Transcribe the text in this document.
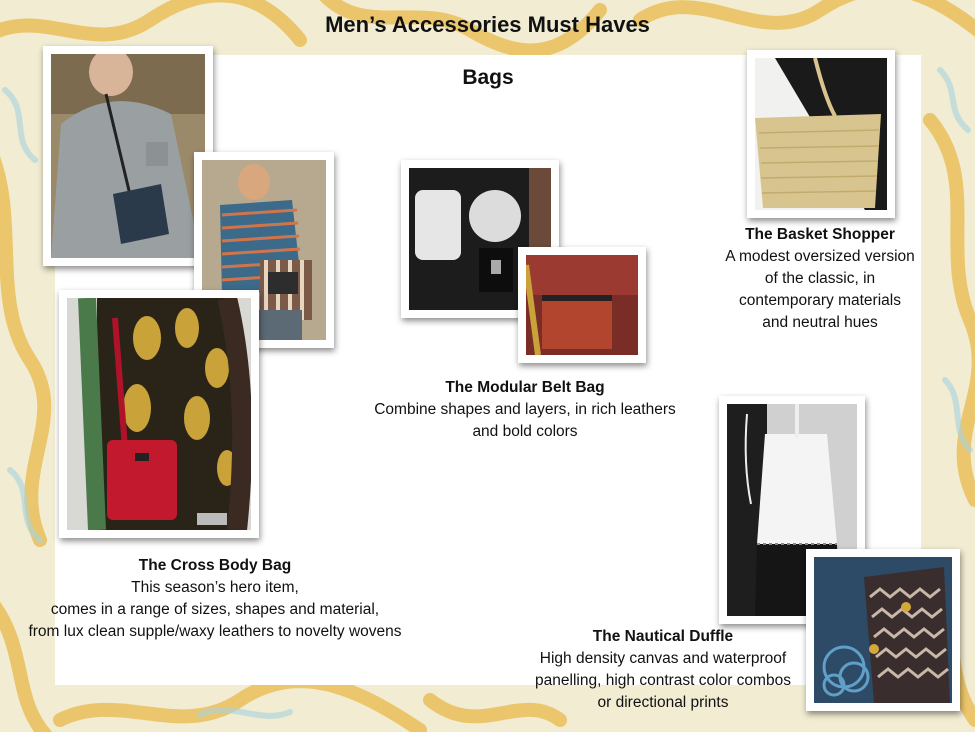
Men’s Accessories Must Haves
Bags
The Cross Body Bag
This season’s hero item,
comes in a range of sizes, shapes and material,
from lux clean supple/waxy leathers to novelty wovens
The Modular Belt Bag
Combine shapes and layers, in rich leathers
and bold colors
The Basket Shopper
A modest oversized version
of the classic, in
contemporary materials
and neutral hues
The Nautical Duffle
High density canvas and waterproof
panelling, high contrast color combos
or directional prints
